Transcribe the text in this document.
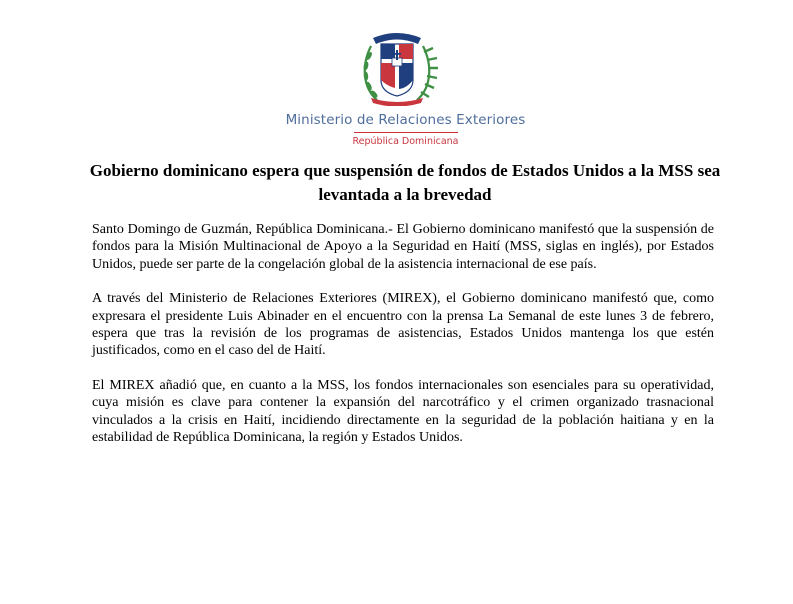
Ministerio de Relaciones Exteriores
República Dominicana
Gobierno dominicano espera que suspensión de fondos de Estados Unidos a la MSS sea levantada a la brevedad

Santo Domingo de Guzmán, República Dominicana.- El Gobierno dominicano manifestó que la suspensión de fondos para la Misión Multinacional de Apoyo a la Seguridad en Haití (MSS, siglas en inglés), por Estados Unidos, puede ser parte de la congelación global de la asistencia internacional de ese país.

A través del Ministerio de Relaciones Exteriores (MIREX), el Gobierno dominicano manifestó que, como expresara el presidente Luis Abinader en el encuentro con la prensa La Semanal de este lunes 3 de febrero, espera que tras la revisión de los programas de asistencias, Estados Unidos mantenga los que estén justificados, como en el caso del de Haití.

El MIREX añadió que, en cuanto a la MSS, los fondos internacionales son esenciales para su operatividad, cuya misión es clave para contener la expansión del narcotráfico y el crimen organizado trasnacional vinculados a la crisis en Haití, incidiendo directamente en la seguridad de la población haitiana y en la estabilidad de República Dominicana, la región y Estados Unidos.
